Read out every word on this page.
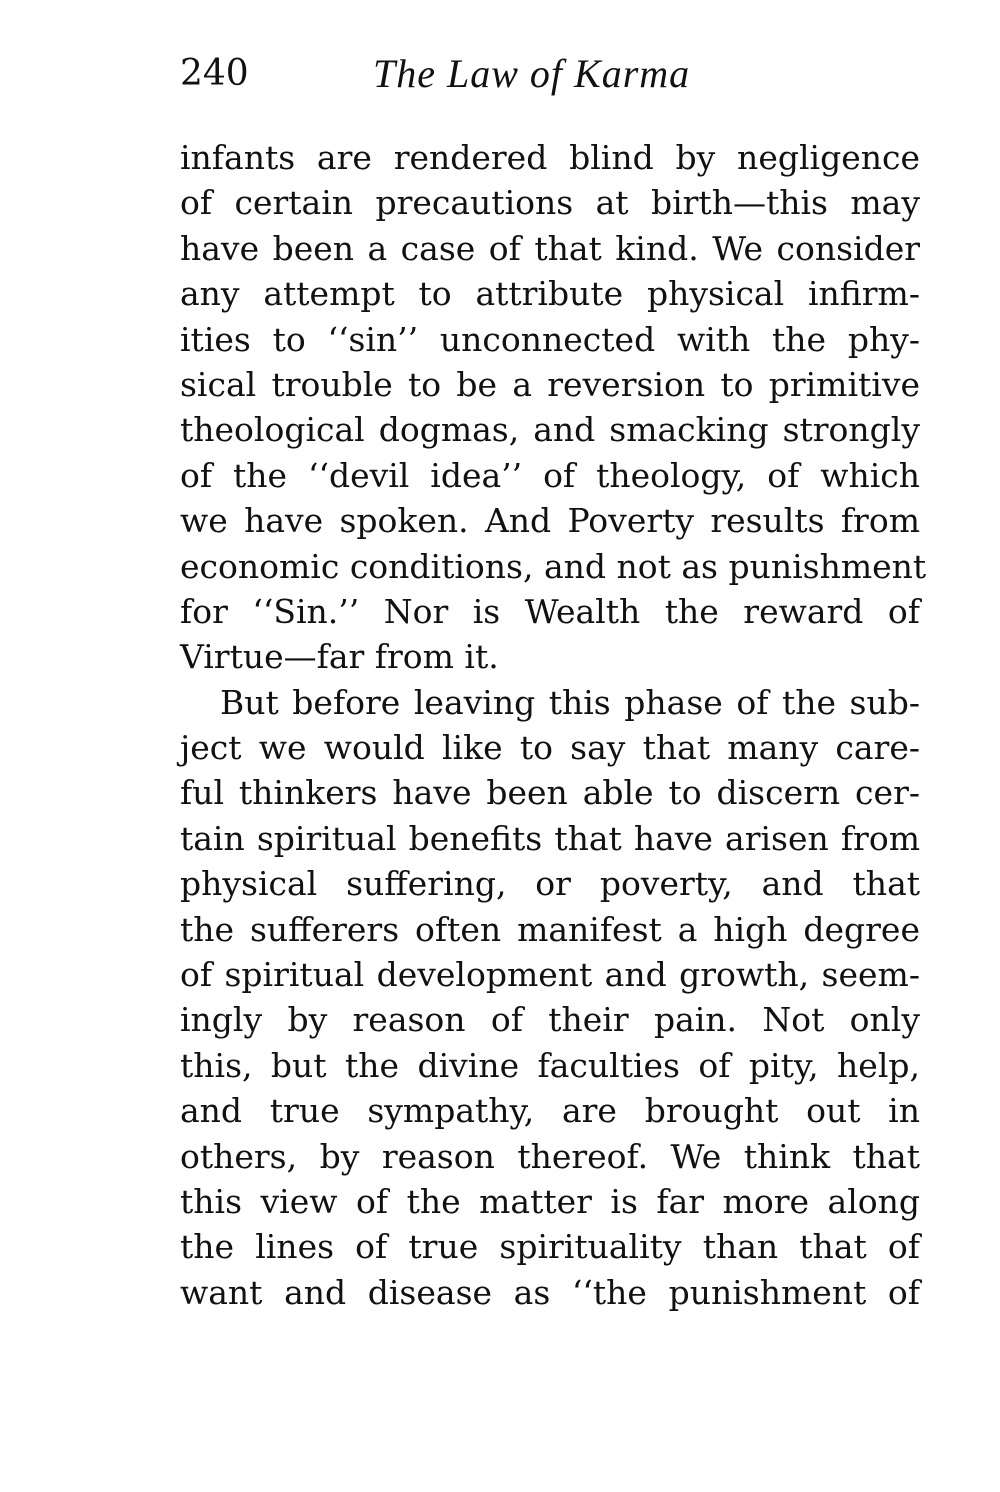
240	The Law of Karma
infants are rendered blind by negligence
of certain precautions at birth—this may
have been a case of that kind. We consider
any attempt to attribute physical infirm-
ities to ‘‘sin’’ unconnected with the phy-
sical trouble to be a reversion to primitive
theological dogmas, and smacking strongly
of the ‘‘devil idea’’ of theology, of which
we have spoken. And Poverty results from
economic conditions, and not as punishment
for ‘‘Sin.’’ Nor is Wealth the reward of
Virtue—far from it.
But before leaving this phase of the sub-
ject we would like to say that many care-
ful thinkers have been able to discern cer-
tain spiritual benefits that have arisen from
physical suffering, or poverty, and that
the sufferers often manifest a high degree
of spiritual development and growth, seem-
ingly by reason of their pain. Not only
this, but the divine faculties of pity, help,
and true sympathy, are brought out in
others, by reason thereof. We think that
this view of the matter is far more along
the lines of true spirituality than that of
want and disease as ‘‘the punishment of
